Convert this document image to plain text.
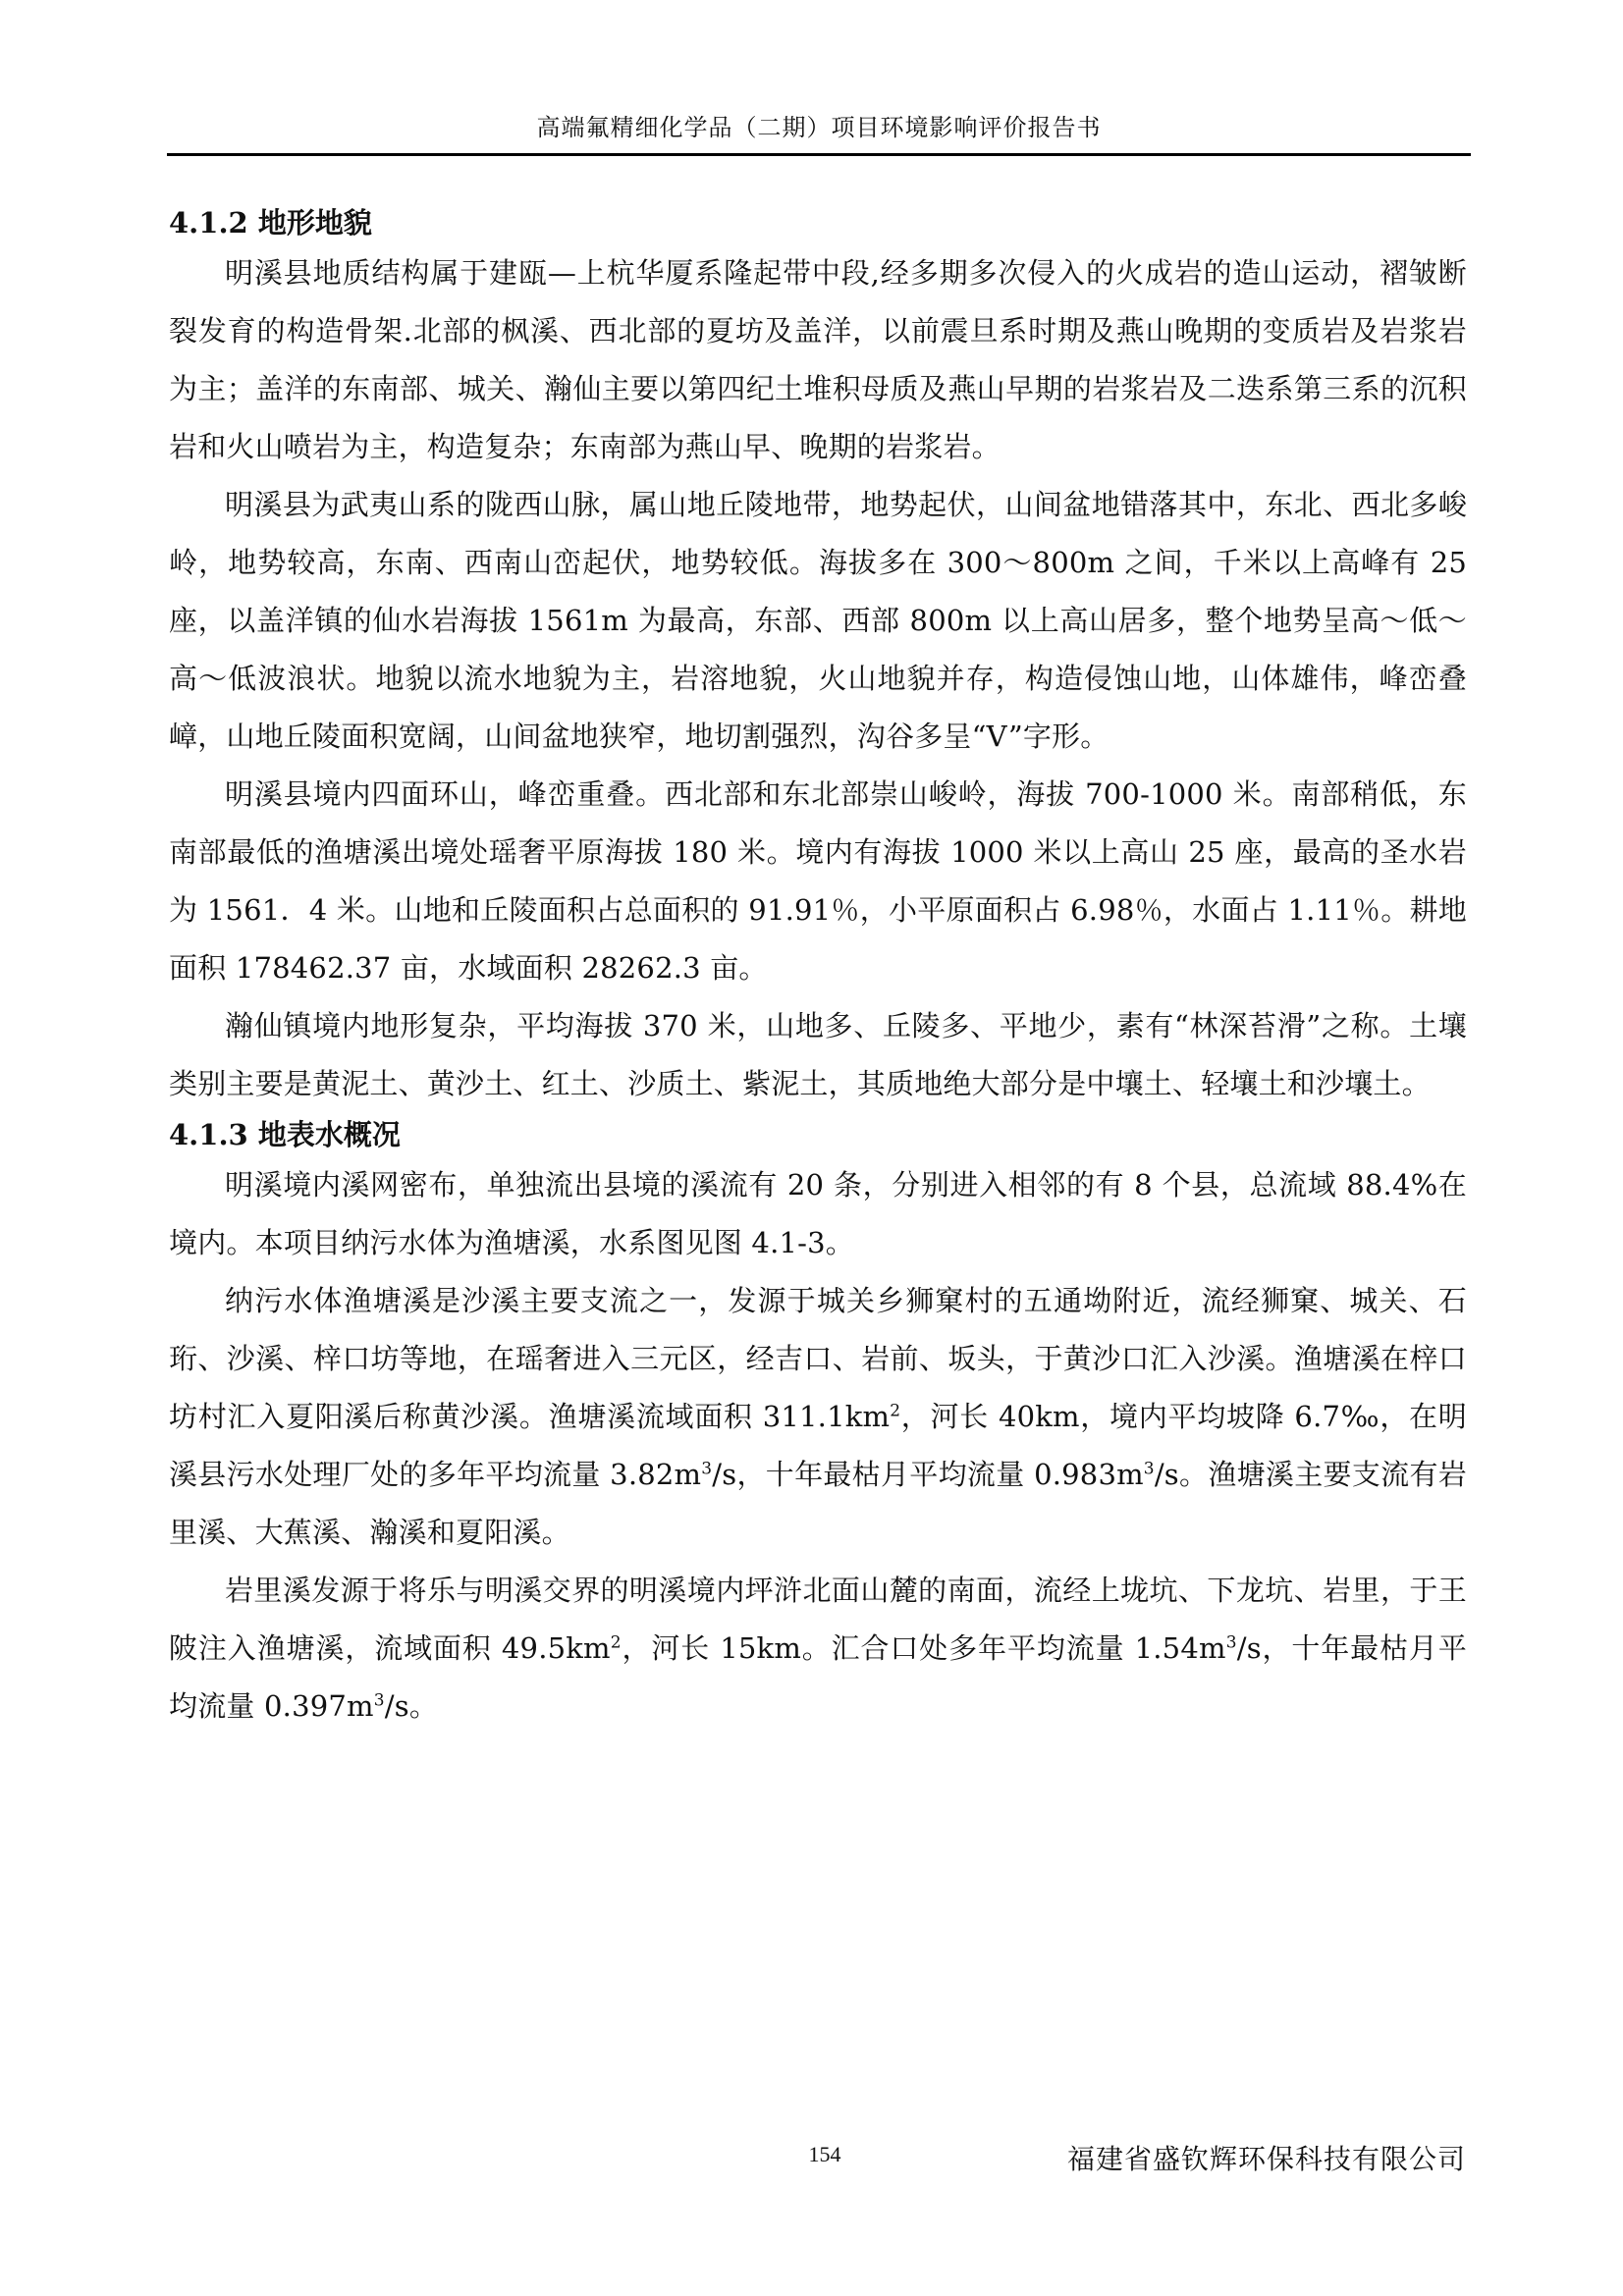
高端氟精细化学品（二期）项目环境影响评价报告书
4.1.2 地形地貌

明溪县地质结构属于建瓯—上杭华厦系隆起带中段,经多期多次侵入的火成岩的造山运动，褶皱断裂发育的构造骨架.北部的枫溪、西北部的夏坊及盖洋，以前震旦系时期及燕山晚期的变质岩及岩浆岩为主；盖洋的东南部、城关、瀚仙主要以第四纪土堆积母质及燕山早期的岩浆岩及二迭系第三系的沉积岩和火山喷岩为主，构造复杂；东南部为燕山早、晚期的岩浆岩。

明溪县为武夷山系的陇西山脉，属山地丘陵地带，地势起伏，山间盆地错落其中，东北、西北多峻岭，地势较高，东南、西南山峦起伏，地势较低。海拔多在 300～800m 之间，千米以上高峰有 25 座，以盖洋镇的仙水岩海拔 1561m 为最高，东部、西部 800m 以上高山居多，整个地势呈高～低～高～低波浪状。地貌以流水地貌为主，岩溶地貌，火山地貌并存，构造侵蚀山地，山体雄伟，峰峦叠嶂，山地丘陵面积宽阔，山间盆地狭窄，地切割强烈，沟谷多呈“V”字形。

明溪县境内四面环山，峰峦重叠。西北部和东北部崇山峻岭，海拔 700-1000 米。南部稍低，东南部最低的渔塘溪出境处瑶奢平原海拔 180 米。境内有海拔 1000 米以上高山 25 座，最高的圣水岩为 1561．4 米。山地和丘陵面积占总面积的 91.91％，小平原面积占 6.98％，水面占 1.11％。耕地面积 178462.37 亩，水域面积 28262.3 亩。

瀚仙镇境内地形复杂，平均海拔 370 米，山地多、丘陵多、平地少，素有“林深苔滑”之称。土壤类别主要是黄泥土、黄沙土、红土、沙质土、紫泥土，其质地绝大部分是中壤土、轻壤土和沙壤土。

4.1.3 地表水概况

明溪境内溪网密布，单独流出县境的溪流有 20 条，分别进入相邻的有 8 个县，总流域 88.4%在境内。本项目纳污水体为渔塘溪，水系图见图 4.1-3。

纳污水体渔塘溪是沙溪主要支流之一，发源于城关乡狮窠村的五通坳附近，流经狮窠、城关、石珩、沙溪、梓口坊等地，在瑶奢进入三元区，经吉口、岩前、坂头，于黄沙口汇入沙溪。渔塘溪在梓口坊村汇入夏阳溪后称黄沙溪。渔塘溪流域面积 $311.1km^2$，河长 40km，境内平均坡降 6.7‰，在明溪县污水处理厂处的多年平均流量 $3.82m^3/s$，十年最枯月平均流量 $0.983m^3/s$。渔塘溪主要支流有岩里溪、大蕉溪、瀚溪和夏阳溪。

岩里溪发源于将乐与明溪交界的明溪境内坪浒北面山麓的南面，流经上垅坑、下龙坑、岩里，于王陂注入渔塘溪，流域面积 $49.5km^2$，河长 15km。汇合口处多年平均流量 $1.54m^3/s$，十年最枯月平均流量 $0.397m^3/s$。

154	福建省盛钦辉环保科技有限公司
